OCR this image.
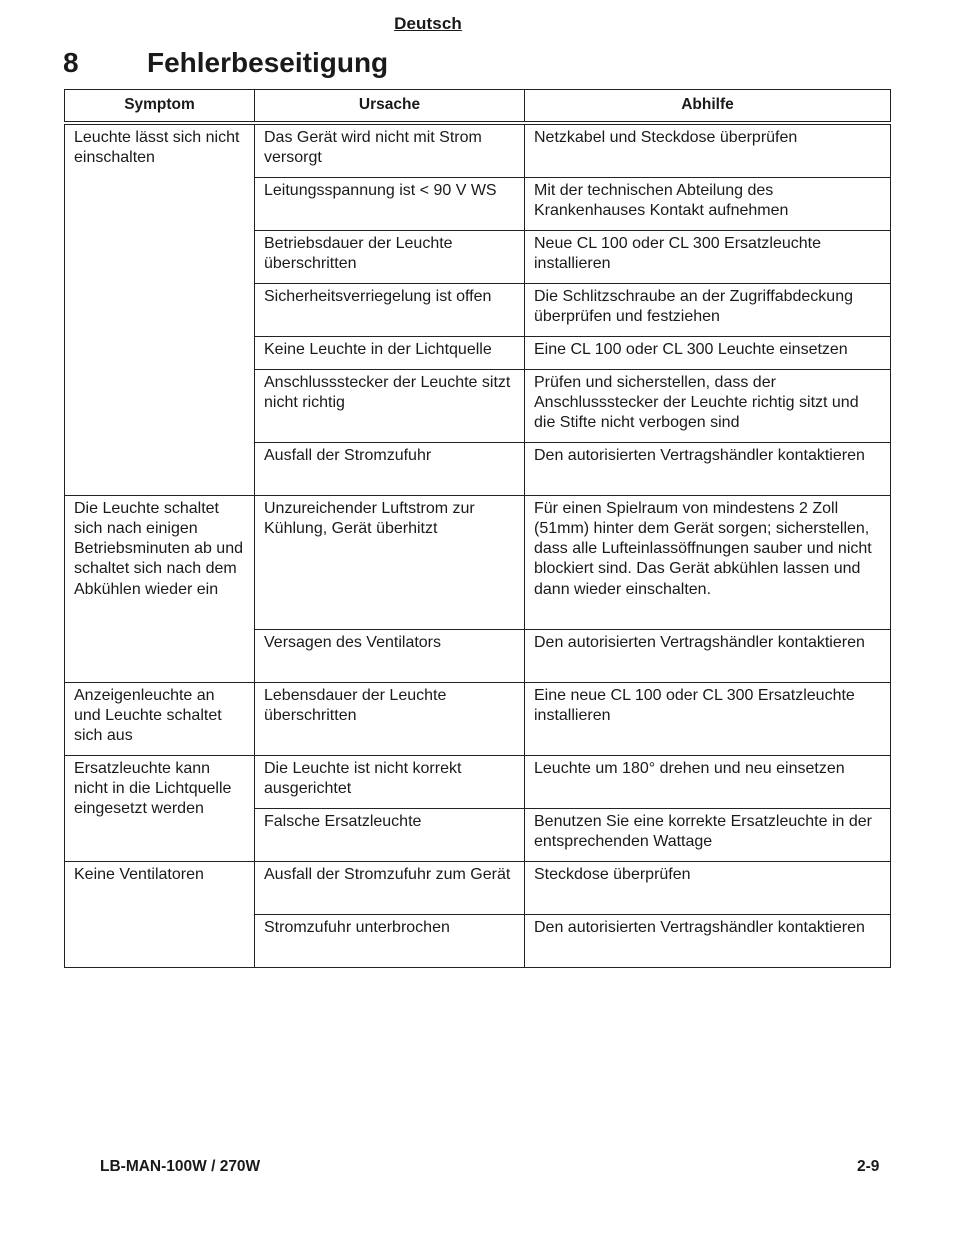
Deutsch
8 Fehlerbeseitigung
Symptom	Ursache	Abhilfe
Leuchte lässt sich nicht einschalten	Das Gerät wird nicht mit Strom versorgt	Netzkabel und Steckdose überprüfen
	Leitungsspannung ist < 90 V WS	Mit der technischen Abteilung des Krankenhauses Kontakt aufnehmen
	Betriebsdauer der Leuchte überschritten	Neue CL 100 oder CL 300 Ersatzleuchte installieren
	Sicherheitsverriegelung ist offen	Die Schlitzschraube an der Zugriffabdeckung überprüfen und festziehen
	Keine Leuchte in der Lichtquelle	Eine CL 100 oder CL 300 Leuchte einsetzen
	Anschlussstecker der Leuchte sitzt nicht richtig	Prüfen und sicherstellen, dass der Anschlussstecker der Leuchte richtig sitzt und die Stifte nicht verbogen sind
	Ausfall der Stromzufuhr	Den autorisierten Vertragshändler kontaktieren
Die Leuchte schaltet sich nach einigen Betriebsminuten ab und schaltet sich nach dem Abkühlen wieder ein	Unzureichender Luftstrom zur Kühlung, Gerät überhitzt	Für einen Spielraum von mindestens 2 Zoll (51mm) hinter dem Gerät sorgen; sicherstellen, dass alle Lufteinlassöffnungen sauber und nicht blockiert sind. Das Gerät abkühlen lassen und dann wieder einschalten.
	Versagen des Ventilators	Den autorisierten Vertragshändler kontaktieren
Anzeigenleuchte an und Leuchte schaltet sich aus	Lebensdauer der Leuchte überschritten	Eine neue CL 100 oder CL 300 Ersatzleuchte installieren
Ersatzleuchte kann nicht in die Lichtquelle eingesetzt werden	Die Leuchte ist nicht korrekt ausgerichtet	Leuchte um 180° drehen und neu einsetzen
	Falsche Ersatzleuchte	Benutzen Sie eine korrekte Ersatzleuchte in der entsprechenden Wattage
Keine Ventilatoren	Ausfall der Stromzufuhr zum Gerät	Steckdose überprüfen
	Stromzufuhr unterbrochen	Den autorisierten Vertragshändler kontaktieren
LB-MAN-100W / 270W	2-9
